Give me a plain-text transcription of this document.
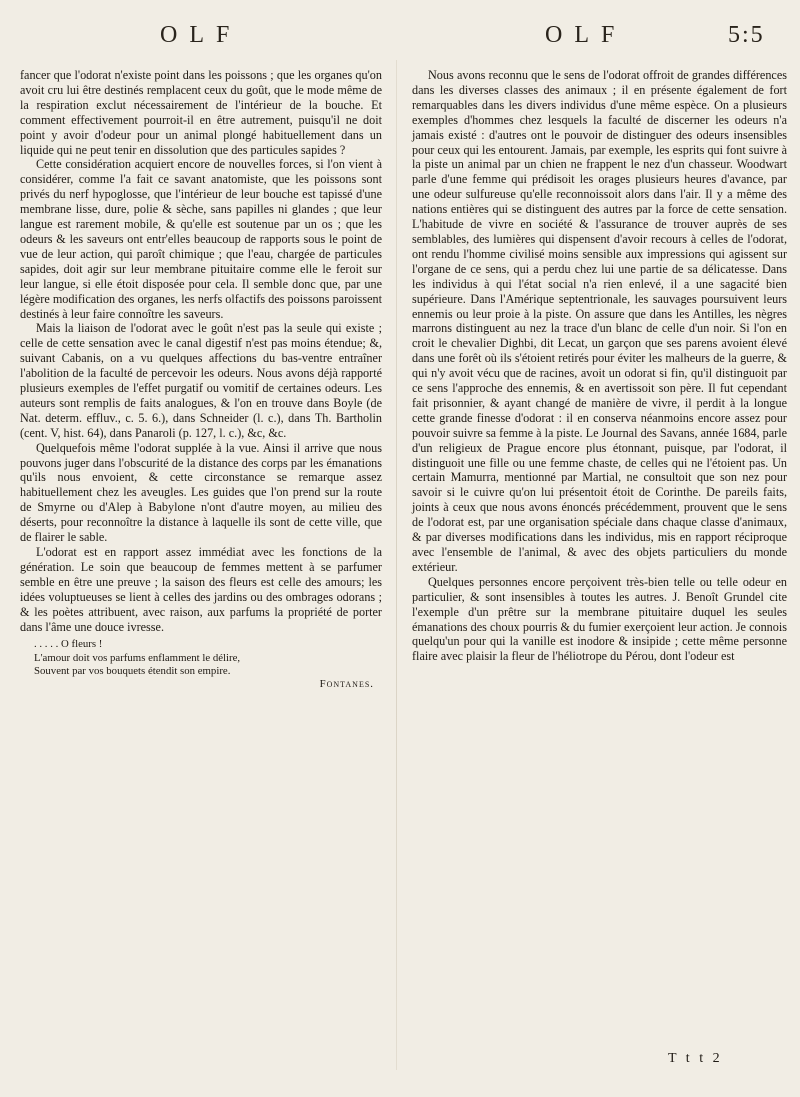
OLF	OLF	5:5

fancer que l'odorat n'existe point dans les poissons ; que les organes qu'on avoit cru lui être destinés remplacent ceux du goût, que le mode même de la respiration exclut nécessairement de l'intérieur de la bouche. Et comment effectivement pourroit-il en être autrement, puisqu'il ne doit point y avoir d'odeur pour un animal plongé habituellement dans un liquide qui ne peut tenir en dissolution que des particules sapides ?

Cette considération acquiert encore de nouvelles forces, si l'on vient à considérer, comme l'a fait ce savant anatomiste, que les poissons sont privés du nerf hypoglosse, que l'intérieur de leur bouche est tapissé d'une membrane lisse, dure, polie & sèche, sans papilles ni glandes ; que leur langue est rarement mobile, & qu'elle est soutenue par un os ; que les odeurs & les saveurs ont entr'elles beaucoup de rapports sous le point de vue de leur action, qui paroît chimique ; que l'eau, chargée de particules sapides, doit agir sur leur membrane pituitaire comme elle le feroit sur leur langue, si elle étoit disposée pour cela. Il semble donc que, par une légère modification des organes, les nerfs olfactifs des poissons paroissent destinés à leur faire connoître les saveurs.

Mais la liaison de l'odorat avec le goût n'est pas la seule qui existe ; celle de cette sensation avec le canal digestif n'est pas moins étendue; &, suivant Cabanis, on a vu quelques affections du bas-ventre entraîner l'abolition de la faculté de percevoir les odeurs. Nous avons déjà rapporté plusieurs exemples de l'effet purgatif ou vomitif de certaines odeurs. Les auteurs sont remplis de faits analogues, & l'on en trouve dans Boyle (de Nat. determ. effluv., c. 5. 6.), dans Schneider (l. c.), dans Th. Bartholin (cent. V, hist. 64), dans Panaroli (p. 127, l. c.), &c, &c.

Quelquefois même l'odorat supplée à la vue. Ainsi il arrive que nous pouvons juger dans l'obscurité de la distance des corps par les émanations qu'ils nous envoient, & cette circonstance se remarque assez habituellement chez les aveugles. Les guides que l'on prend sur la route de Smyrne ou d'Alep à Babylone n'ont d'autre moyen, au milieu des déserts, pour reconnoître la distance à laquelle ils sont de cette ville, que de flairer le sable.

L'odorat est en rapport assez immédiat avec les fonctions de la génération. Le soin que beaucoup de femmes mettent à se parfumer semble en être une preuve ; la saison des fleurs est celle des amours; les idées voluptueuses se lient à celles des jardins ou des ombrages odorans ; & les poètes attribuent, avec raison, aux parfums la propriété de porter dans l'âme une douce ivresse.

. . . . . O fleurs !
L'amour doit vos parfums enflamment le délire,
Souvent par vos bouquets étendit son empire.
Fontanes.

Nous avons reconnu que le sens de l'odorat offroit de grandes différences dans les diverses classes des animaux ; il en présente également de fort remarquables dans les divers individus d'une même espèce. On a plusieurs exemples d'hommes chez lesquels la faculté de discerner les odeurs n'a jamais existé : d'autres ont le pouvoir de distinguer des odeurs insensibles pour ceux qui les entourent. Jamais, par exemple, les esprits qui font suivre à la piste un animal par un chien ne frappent le nez d'un chasseur. Woodwart parle d'une femme qui prédisoit les orages plusieurs heures d'avance, par une odeur sulfureuse qu'elle reconnoissoit alors dans l'air. Il y a même des nations entières qui se distinguent des autres par la force de cette sensation. L'habitude de vivre en société & l'assurance de trouver auprès de ses semblables, des lumières qui dispensent d'avoir recours à celles de l'odorat, ont rendu l'homme civilisé moins sensible aux impressions qui agissent sur l'organe de ce sens, qui a perdu chez lui une partie de sa délicatesse. Dans les individus à qui l'état social n'a rien enlevé, il a une sagacité bien supérieure. Dans l'Amérique septentrionale, les sauvages poursuivent leurs ennemis ou leur proie à la piste. On assure que dans les Antilles, les nègres marrons distinguent au nez la trace d'un blanc de celle d'un noir. Si l'on en croit le chevalier Dighbi, dit Lecat, un garçon que ses parens avoient élevé dans une forêt où ils s'étoient retirés pour éviter les malheurs de la guerre, & qui n'y avoit vécu que de racines, avoit un odorat si fin, qu'il distinguoit par ce sens l'approche des ennemis, & en avertissoit son père. Il fut cependant fait prisonnier, & ayant changé de manière de vivre, il perdit à la longue cette grande finesse d'odorat : il en conserva néanmoins encore assez pour pouvoir suivre sa femme à la piste. Le Journal des Savans, année 1684, parle d'un religieux de Prague encore plus étonnant, puisque, par l'odorat, il distinguoit une fille ou une femme chaste, de celles qui ne l'étoient pas. Un certain Mamurra, mentionné par Martial, ne consultoit que son nez pour savoir si le cuivre qu'on lui présentoit étoit de Corinthe. De pareils faits, joints à ceux que nous avons énoncés précédemment, prouvent que le sens de l'odorat est, par une organisation spéciale dans chaque classe d'animaux, & par diverses modifications dans les individus, mis en rapport réciproque avec l'ensemble de l'animal, & avec des objets particuliers du monde extérieur.

Quelques personnes encore perçoivent très-bien telle ou telle odeur en particulier, & sont insensibles à toutes les autres. J. Benoît Grundel cite l'exemple d'un prêtre sur la membrane pituitaire duquel les seules émanations des choux pourris & du fumier exerçoient leur action. Je connois quelqu'un pour qui la vanille est inodore & insipide ; cette même personne flaire avec plaisir la fleur de l'héliotrope du Pérou, dont l'odeur est

T t t 2
